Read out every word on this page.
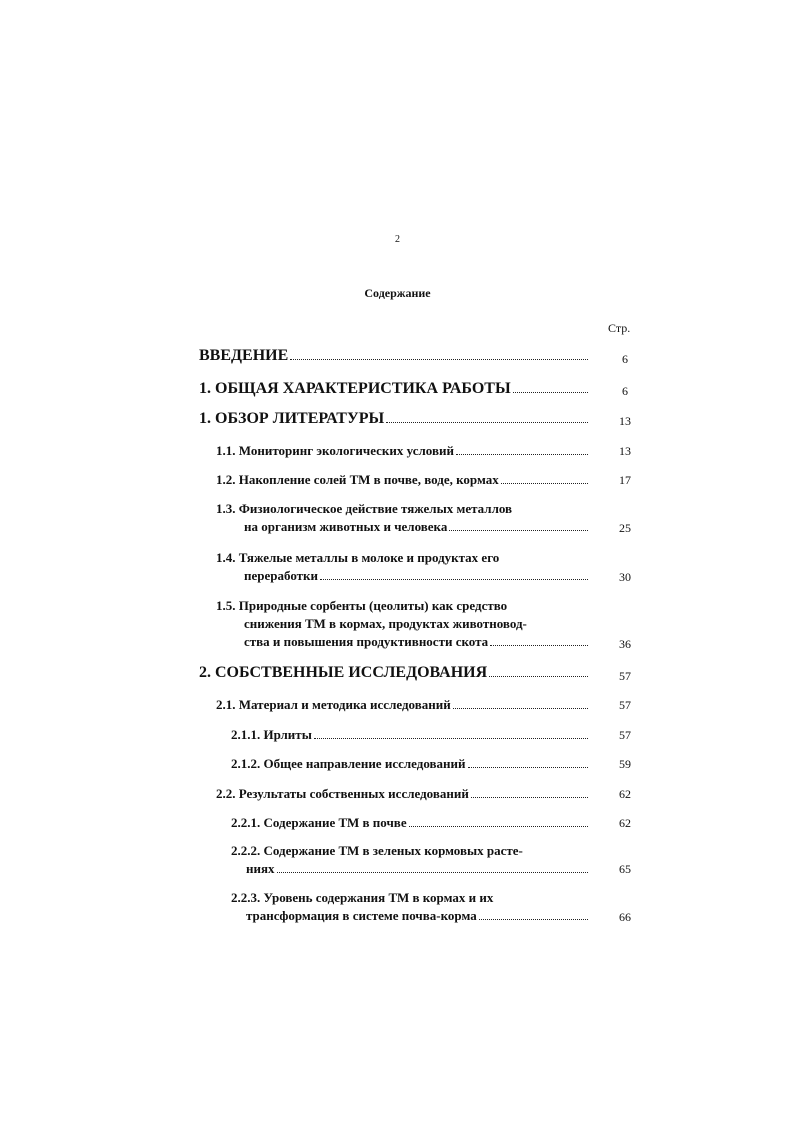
2
Содержание
Стр.
ВВЕДЕНИЕ	6
1. ОБЩАЯ ХАРАКТЕРИСТИКА РАБОТЫ	6
1. ОБЗОР ЛИТЕРАТУРЫ	13
1.1. Мониторинг экологических условий	13
1.2. Накопление солей ТМ в почве, воде, кормах	17
1.3. Физиологическое действие тяжелых металлов
на организм животных и человека	25
1.4. Тяжелые металлы в молоке и продуктах его
переработки	30
1.5. Природные сорбенты (цеолиты) как средство
снижения ТМ в кормах, продуктах животновод-
ства и повышения продуктивности скота	36
2. СОБСТВЕННЫЕ ИССЛЕДОВАНИЯ	57
2.1. Материал и методика исследований	57
2.1.1. Ирлиты	57
2.1.2. Общее направление исследований	59
2.2. Результаты собственных исследований	62
2.2.1. Содержание ТМ в почве	62
2.2.2. Содержание ТМ в зеленых кормовых расте-
ниях	65
2.2.3. Уровень содержания ТМ в кормах и их
трансформация в системе почва-корма	66
